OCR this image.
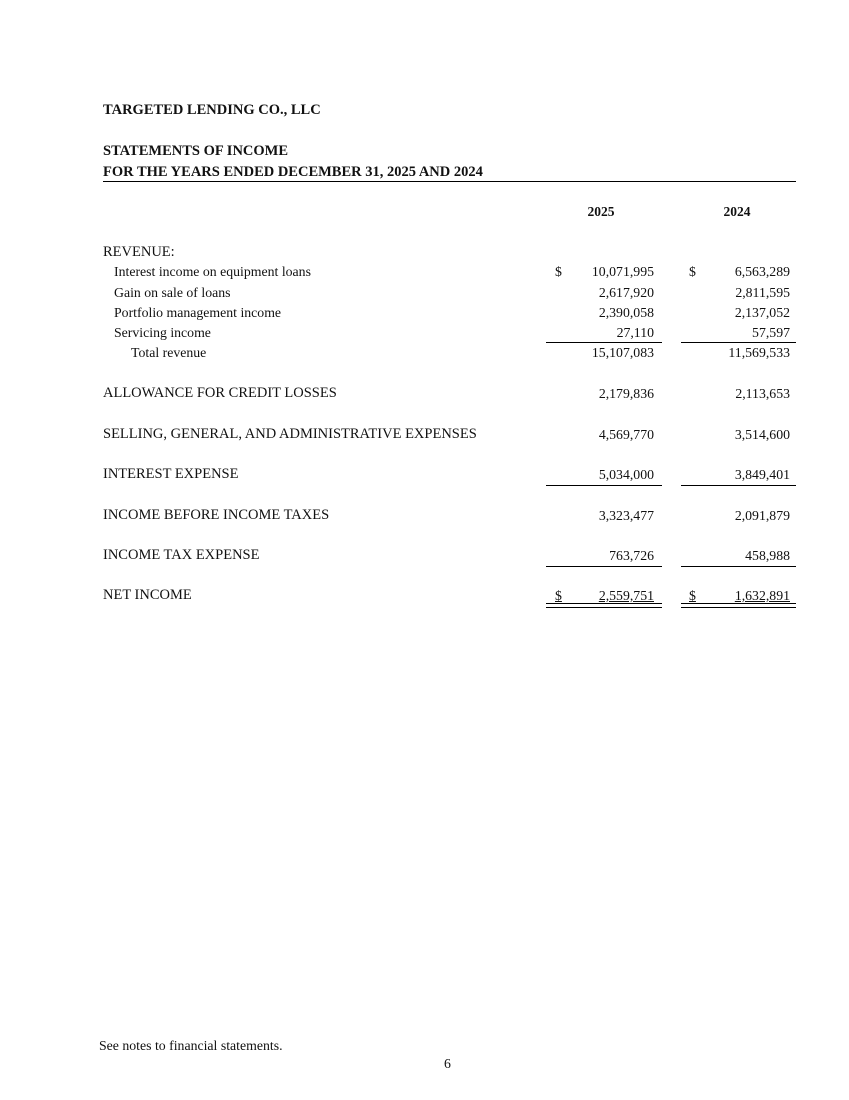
TARGETED LENDING CO., LLC
STATEMENTS OF INCOME
FOR THE YEARS ENDED DECEMBER 31, 2025 AND 2024
2025	2024
REVENUE:
Interest income on equipment loans	$	10,071,995	$	6,563,289
Gain on sale of loans	2,617,920	2,811,595
Portfolio management income	2,390,058	2,137,052
Servicing income	27,110	57,597
Total revenue	15,107,083	11,569,533
ALLOWANCE FOR CREDIT LOSSES	2,179,836	2,113,653
SELLING, GENERAL, AND ADMINISTRATIVE EXPENSES	4,569,770	3,514,600
INTEREST EXPENSE	5,034,000	3,849,401
INCOME BEFORE INCOME TAXES	3,323,477	2,091,879
INCOME TAX EXPENSE	763,726	458,988
NET INCOME	$	2,559,751	$	1,632,891
See notes to financial statements.
6
